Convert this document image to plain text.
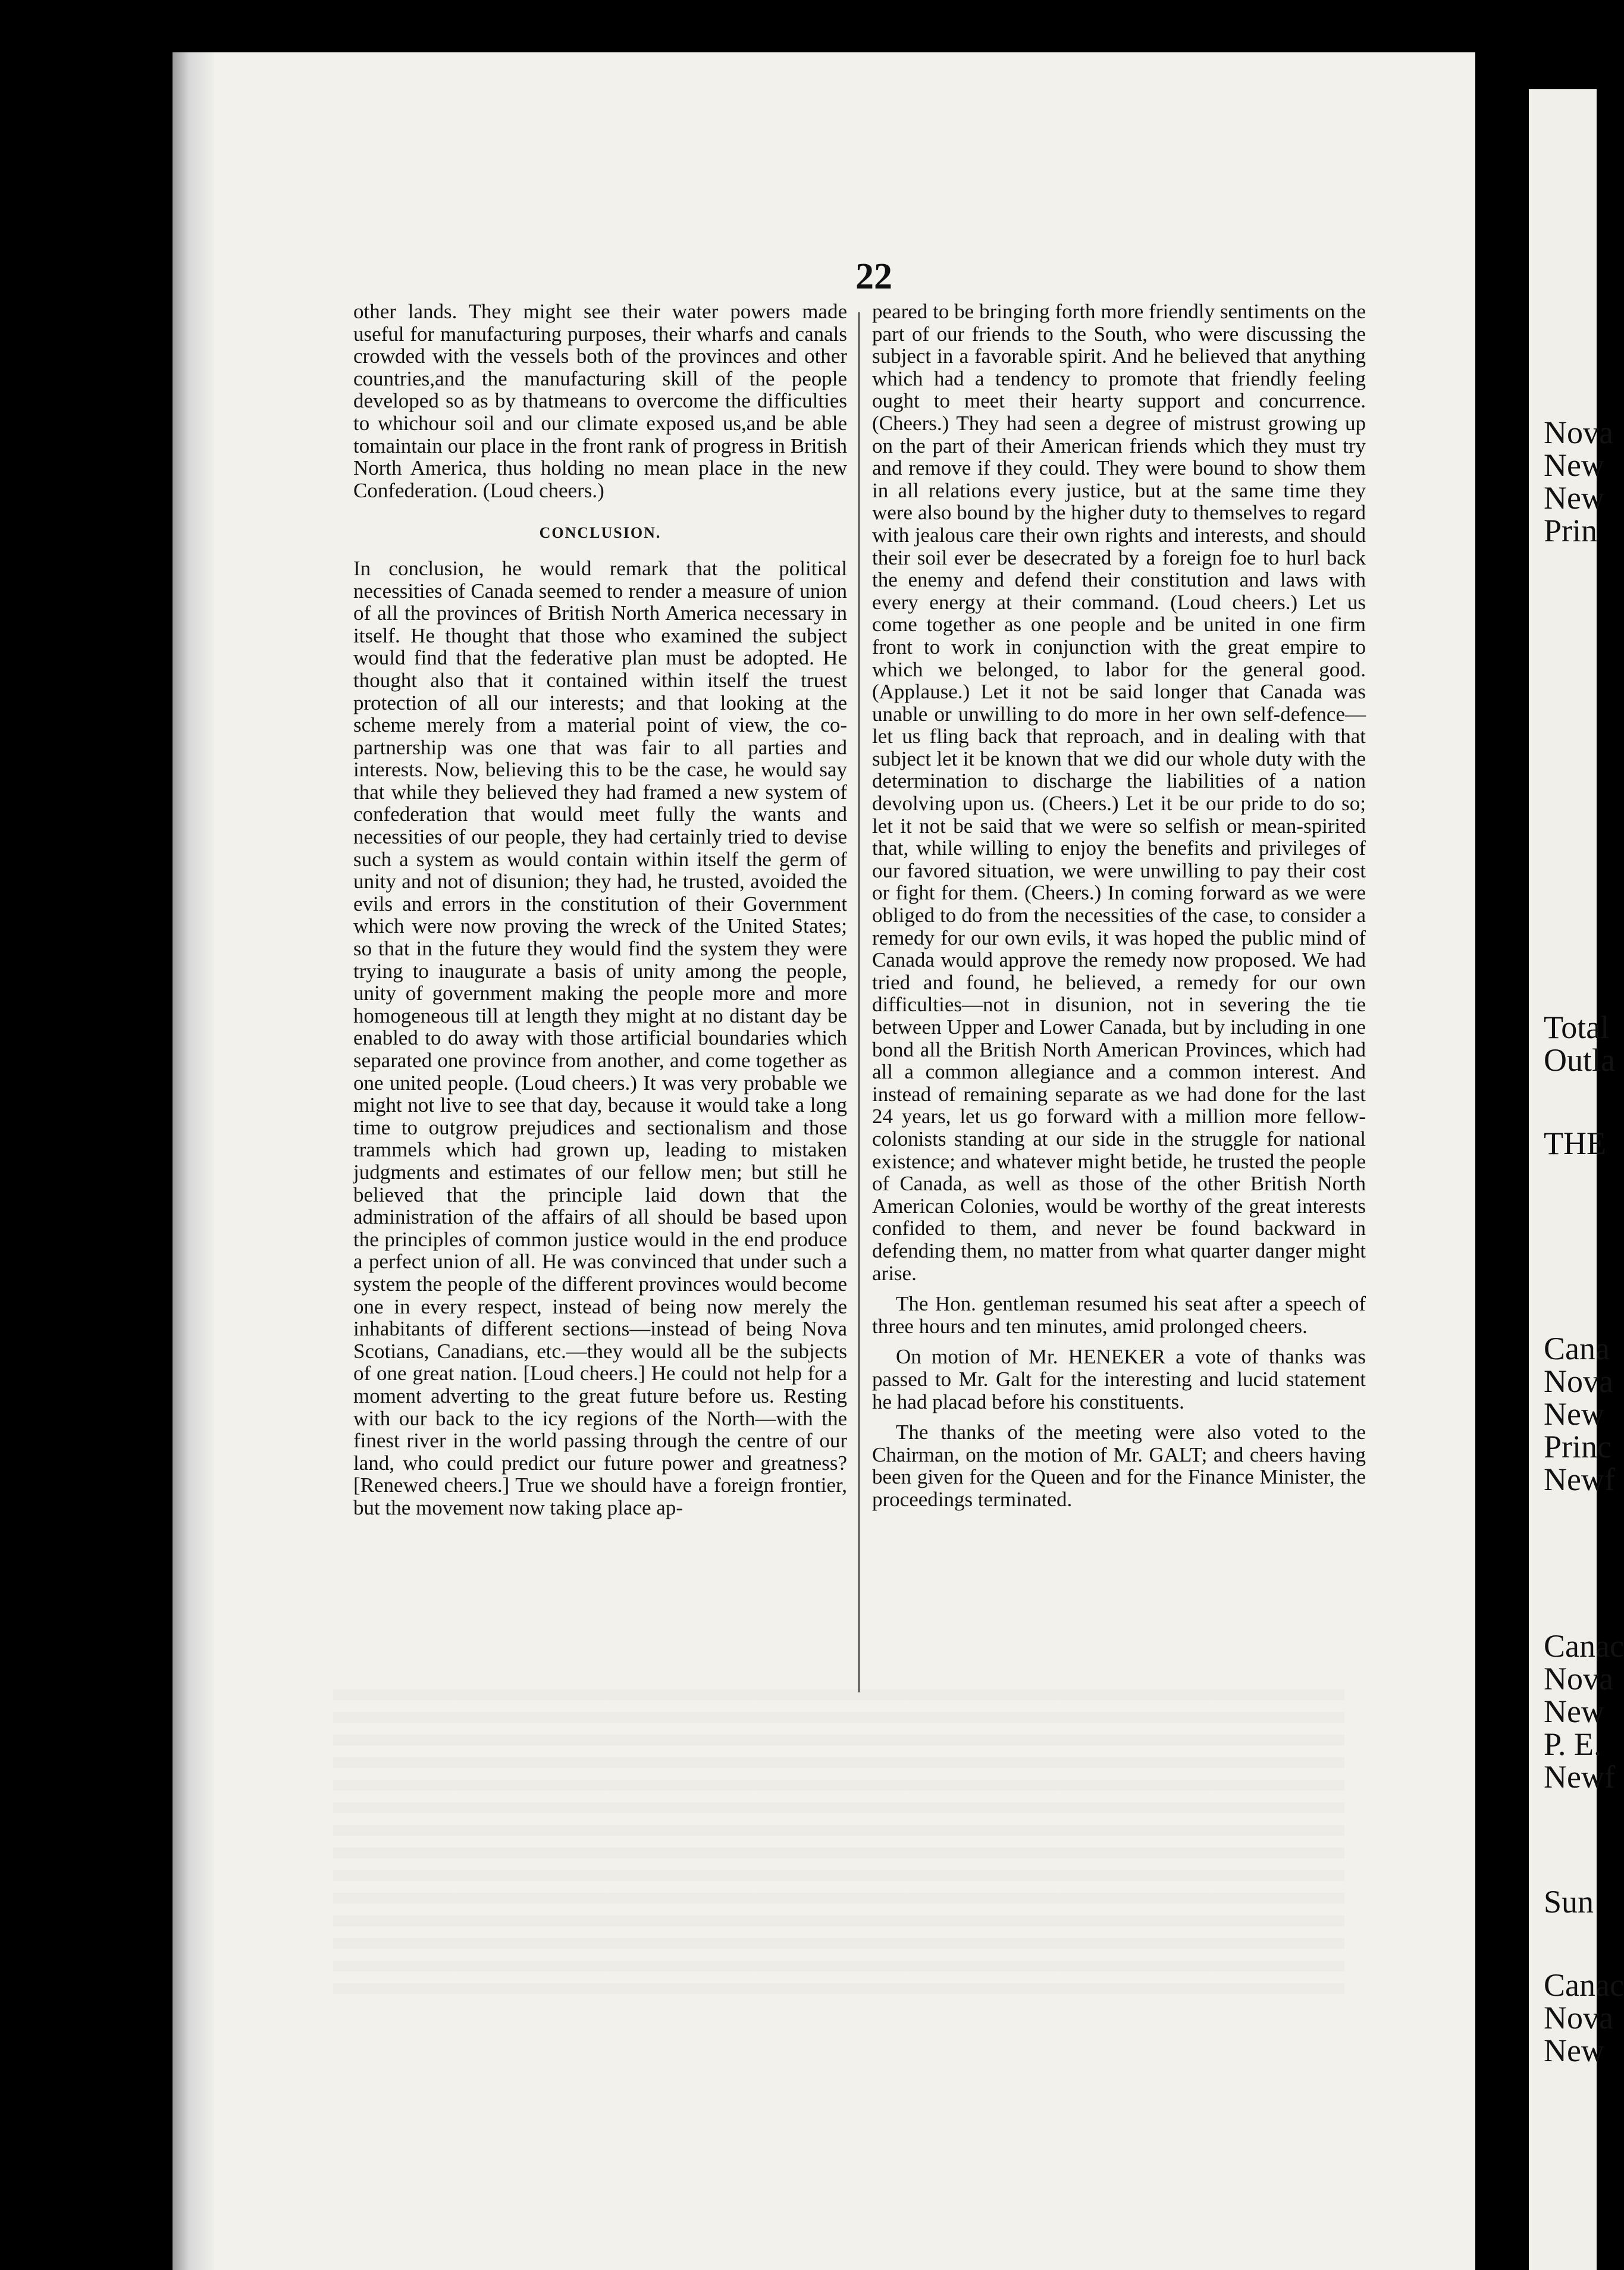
22

other lands. They might see their water powers made useful for manufacturing purposes, their wharfs and canals crowded with the vessels both of the provinces and other countries,and the manufacturing skill of the people developed so as by thatmeans to overcome the difficulties to whichour soil and our climate exposed us,and be able tomaintain our place in the front rank of progress in British North America, thus holding no mean place in the new Confederation. (Loud cheers.)

CONCLUSION.

In conclusion, he would remark that the political necessities of Canada seemed to render a measure of union of all the provinces of British North America necessary in itself. He thought that those who examined the subject would find that the federative plan must be adopted. He thought also that it contained within itself the truest protection of all our interests; and that looking at the scheme merely from a material point of view, the co-partnership was one that was fair to all parties and interests. Now, believing this to be the case, he would say that while they believed they had framed a new system of confederation that would meet fully the wants and necessities of our people, they had certainly tried to devise such a system as would contain within itself the germ of unity and not of disunion; they had, he trusted, avoided the evils and errors in the constitution of their Government which were now proving the wreck of the United States; so that in the future they would find the system they were trying to inaugurate a basis of unity among the people, unity of government making the people more and more homogeneous till at length they might at no distant day be enabled to do away with those artificial boundaries which separated one province from another, and come together as one united people. (Loud cheers.) It was very probable we might not live to see that day, because it would take a long time to outgrow prejudices and sectionalism and those trammels which had grown up, leading to mistaken judgments and estimates of our fellow men; but still he believed that the principle laid down that the administration of the affairs of all should be based upon the principles of common justice would in the end produce a perfect union of all. He was convinced that under such a system the people of the different provinces would become one in every respect, instead of being now merely the inhabitants of different sections—instead of being Nova Scotians, Canadians, etc.—they would all be the subjects of one great nation. [Loud cheers.] He could not help for a moment adverting to the great future before us. Resting with our back to the icy regions of the North—with the finest river in the world passing through the centre of our land, who could predict our future power and greatness? [Renewed cheers.] True we should have a foreign frontier, but the movement now taking place ap-

peared to be bringing forth more friendly sentiments on the part of our friends to the South, who were discussing the subject in a favorable spirit. And he believed that anything which had a tendency to promote that friendly feeling ought to meet their hearty support and concurrence. (Cheers.) They had seen a degree of mistrust growing up on the part of their American friends which they must try and remove if they could. They were bound to show them in all relations every justice, but at the same time they were also bound by the higher duty to themselves to regard with jealous care their own rights and interests, and should their soil ever be desecrated by a foreign foe to hurl back the enemy and defend their constitution and laws with every energy at their command. (Loud cheers.) Let us come together as one people and be united in one firm front to work in conjunction with the great empire to which we belonged, to labor for the general good. (Applause.) Let it not be said longer that Canada was unable or unwilling to do more in her own self-defence—let us fling back that reproach, and in dealing with that subject let it be known that we did our whole duty with the determination to discharge the liabilities of a nation devolving upon us. (Cheers.) Let it be our pride to do so; let it not be said that we were so selfish or mean-spirited that, while willing to enjoy the benefits and privileges of our favored situation, we were unwilling to pay their cost or fight for them. (Cheers.) In coming forward as we were obliged to do from the necessities of the case, to consider a remedy for our own evils, it was hoped the public mind of Canada would approve the remedy now proposed. We had tried and found, he believed, a remedy for our own difficulties—not in disunion, not in severing the tie between Upper and Lower Canada, but by including in one bond all the British North American Provinces, which had all a common allegiance and a common interest. And instead of remaining separate as we had done for the last 24 years, let us go forward with a million more fellow-colonists standing at our side in the struggle for national existence; and whatever might betide, he trusted the people of Canada, as well as those of the other British North American Colonies, would be worthy of the great interests confided to them, and never be found backward in defending them, no matter from what quarter danger might arise.

The Hon. gentleman resumed his seat after a speech of three hours and ten minutes, amid prolonged cheers.

On motion of Mr. HENEKER a vote of thanks was passed to Mr. Galt for the interesting and lucid statement he had placad before his constituents.

The thanks of the meeting were also voted to the Chairman, on the motion of Mr. GALT; and cheers having been given for the Queen and for the Finance Minister, the proceedings terminated.

Nova

New

New

Prin

Total

Outla

THE

Cana

Nova

New

Princ

Newf

Canac

Nova

New

P. E.

Newf

Sun

Canac

Nova

New
